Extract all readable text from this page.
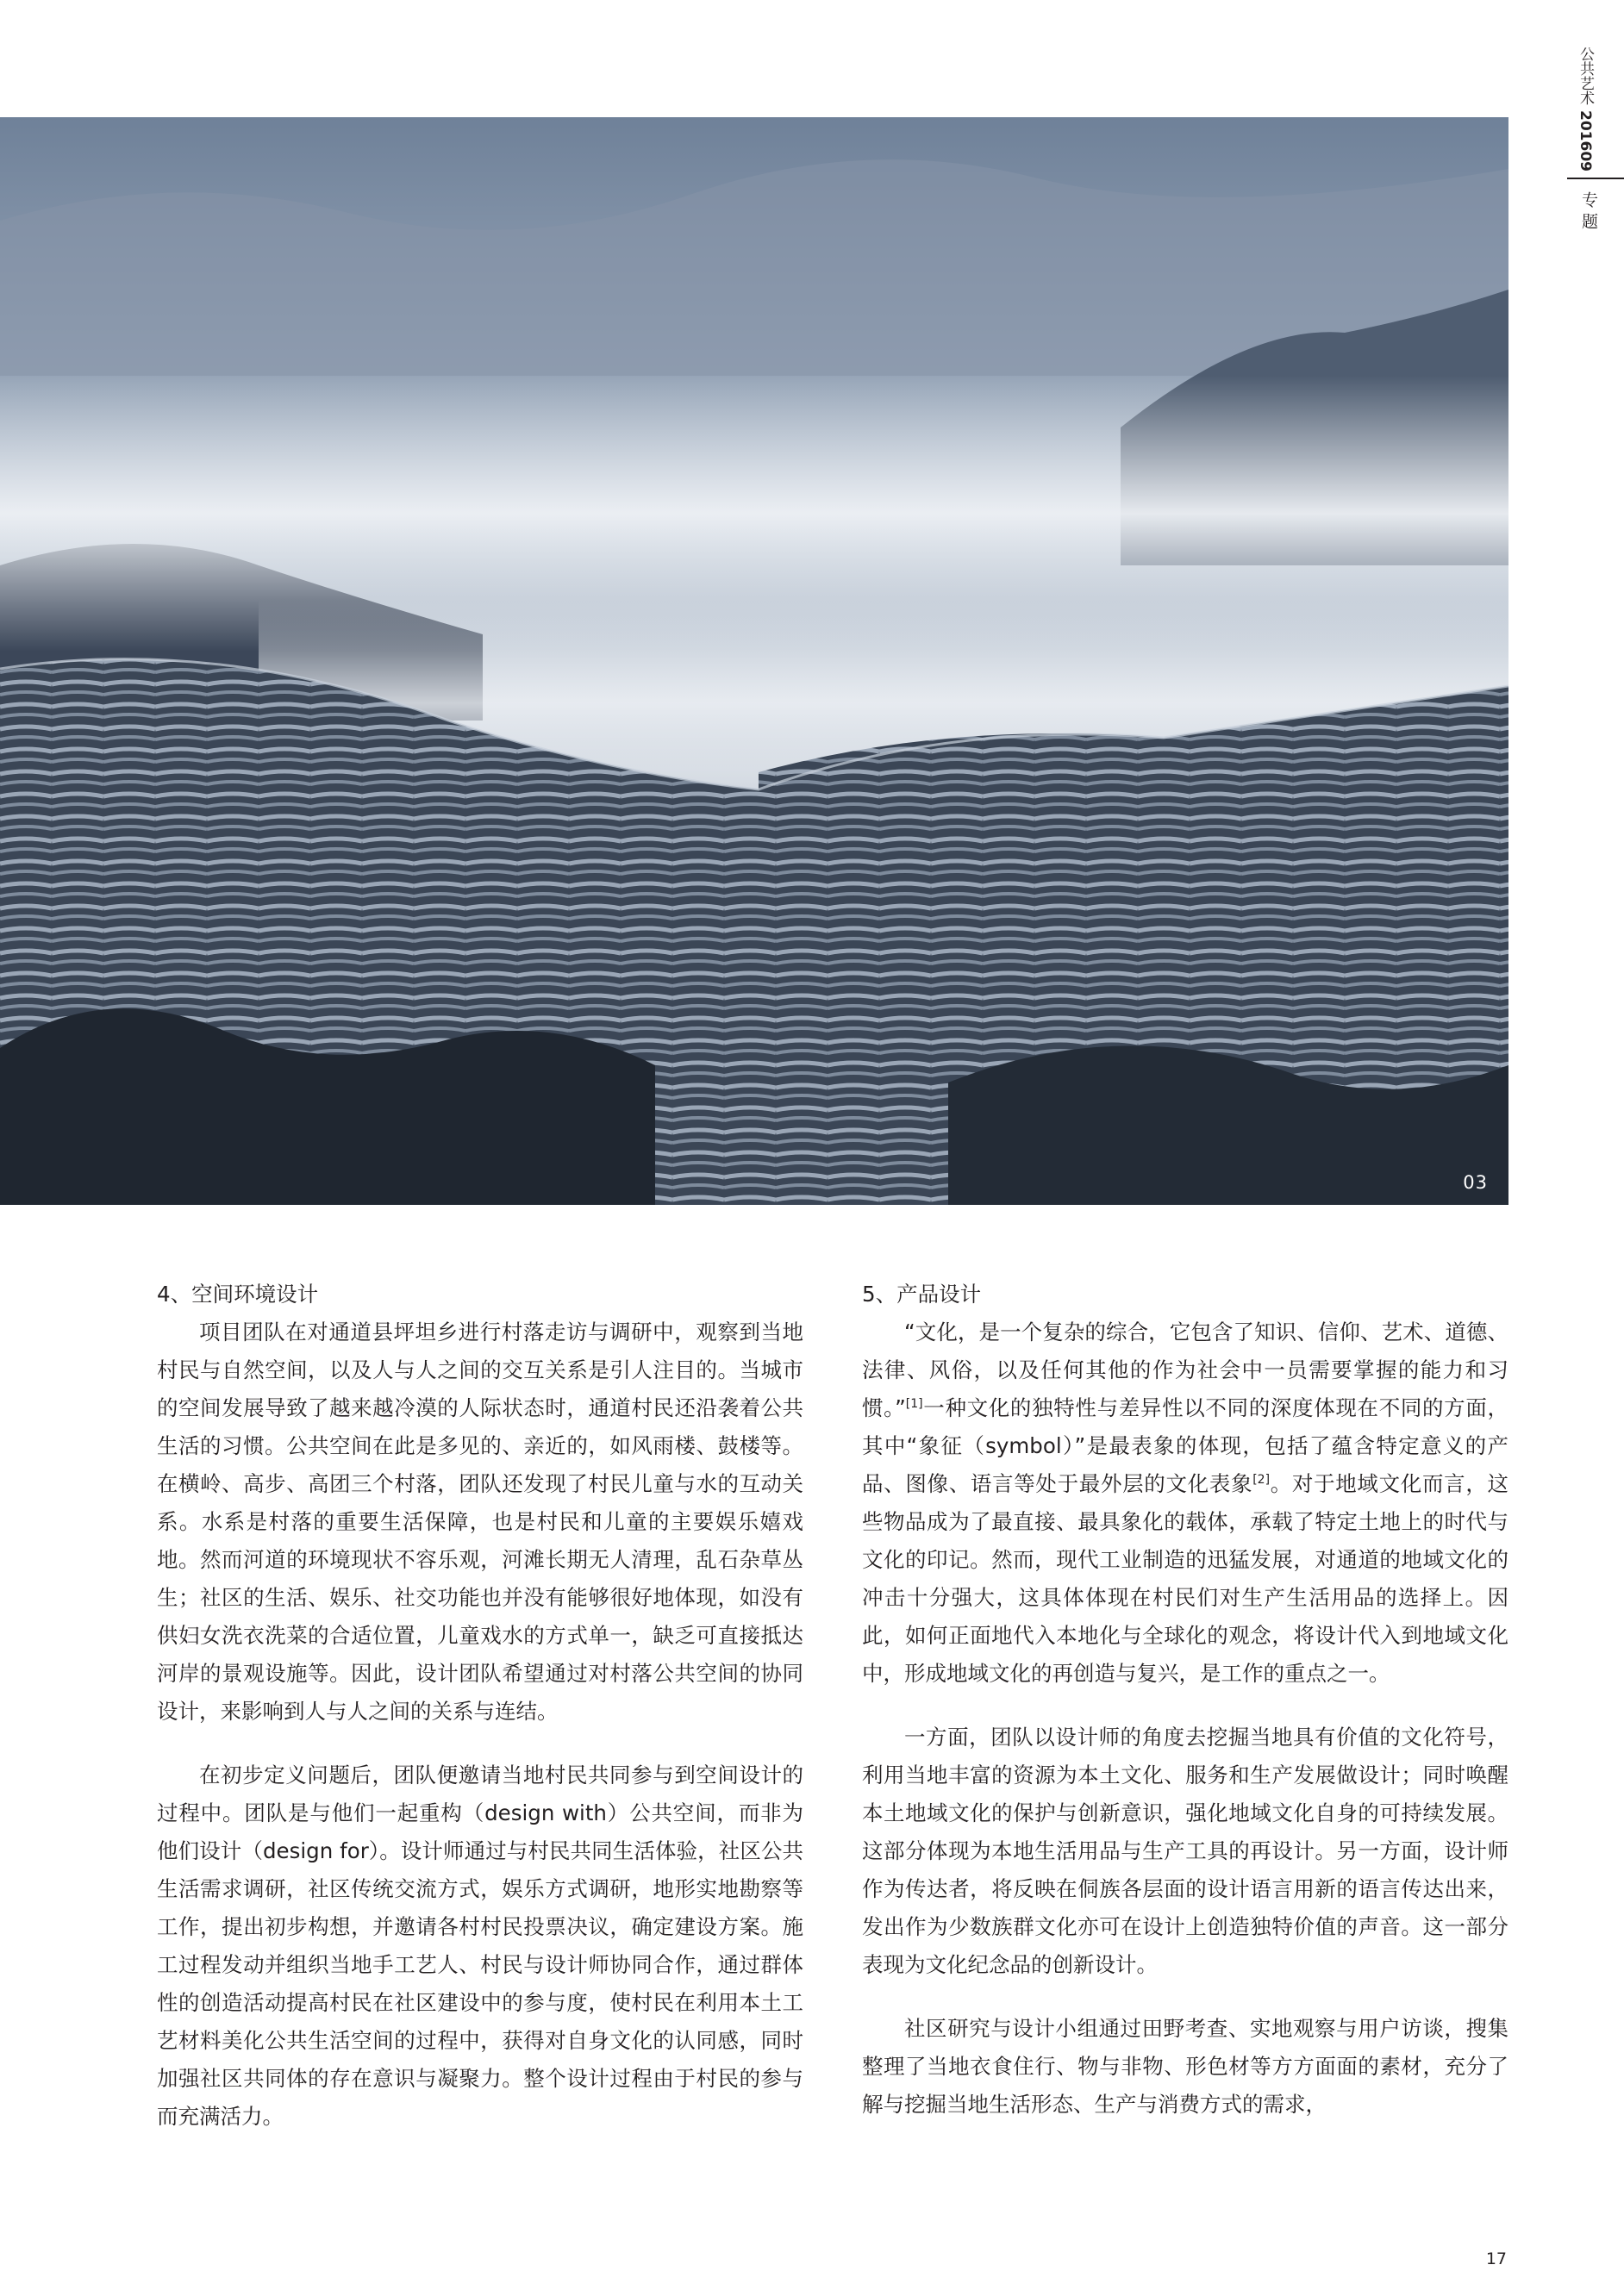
公共艺术
201609
专题
03
4、空间环境设计

项目团队在对通道县坪坦乡进行村落走访与调研中，观察到当地村民与自然空间，以及人与人之间的交互关系是引人注目的。当城市的空间发展导致了越来越冷漠的人际状态时，通道村民还沿袭着公共生活的习惯。公共空间在此是多见的、亲近的，如风雨楼、鼓楼等。在横岭、高步、高团三个村落，团队还发现了村民儿童与水的互动关系。水系是村落的重要生活保障，也是村民和儿童的主要娱乐嬉戏地。然而河道的环境现状不容乐观，河滩长期无人清理，乱石杂草丛生；社区的生活、娱乐、社交功能也并没有能够很好地体现，如没有供妇女洗衣洗菜的合适位置，儿童戏水的方式单一，缺乏可直接抵达河岸的景观设施等。因此，设计团队希望通过对村落公共空间的协同设计，来影响到人与人之间的关系与连结。

在初步定义问题后，团队便邀请当地村民共同参与到空间设计的过程中。团队是与他们一起重构（design with）公共空间，而非为他们设计（design for）。设计师通过与村民共同生活体验，社区公共生活需求调研，社区传统交流方式，娱乐方式调研，地形实地勘察等工作，提出初步构想，并邀请各村村民投票决议，确定建设方案。施工过程发动并组织当地手工艺人、村民与设计师协同合作，通过群体性的创造活动提高村民在社区建设中的参与度，使村民在利用本土工艺材料美化公共生活空间的过程中，获得对自身文化的认同感，同时加强社区共同体的存在意识与凝聚力。整个设计过程由于村民的参与而充满活力。

5、产品设计

“文化，是一个复杂的综合，它包含了知识、信仰、艺术、道德、法律、风俗，以及任何其他的作为社会中一员需要掌握的能力和习惯。”[1]一种文化的独特性与差异性以不同的深度体现在不同的方面，其中“象征（symbol）”是最表象的体现，包括了蕴含特定意义的产品、图像、语言等处于最外层的文化表象[2]。对于地域文化而言，这些物品成为了最直接、最具象化的载体，承载了特定土地上的时代与文化的印记。然而，现代工业制造的迅猛发展，对通道的地域文化的冲击十分强大，这具体体现在村民们对生产生活用品的选择上。因此，如何正面地代入本地化与全球化的观念，将设计代入到地域文化中，形成地域文化的再创造与复兴，是工作的重点之一。

一方面，团队以设计师的角度去挖掘当地具有价值的文化符号，利用当地丰富的资源为本土文化、服务和生产发展做设计；同时唤醒本土地域文化的保护与创新意识，强化地域文化自身的可持续发展。这部分体现为本地生活用品与生产工具的再设计。另一方面，设计师作为传达者，将反映在侗族各层面的设计语言用新的语言传达出来，发出作为少数族群文化亦可在设计上创造独特价值的声音。这一部分表现为文化纪念品的创新设计。

社区研究与设计小组通过田野考查、实地观察与用户访谈，搜集整理了当地衣食住行、物与非物、形色材等方方面面的素材，充分了解与挖掘当地生活形态、生产与消费方式的需求，

17
